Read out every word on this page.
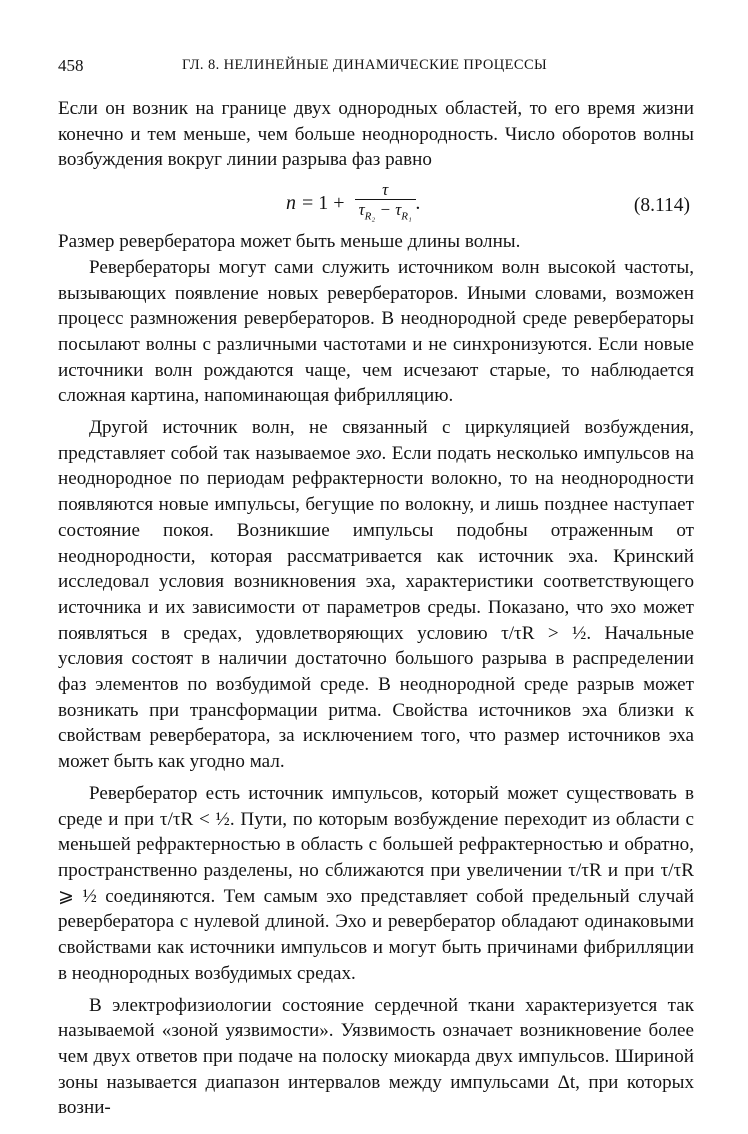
458	ГЛ. 8. НЕЛИНЕЙНЫЕ ДИНАМИЧЕСКИЕ ПРОЦЕССЫ

Если он возник на границе двух однородных областей, то его время жизни конечно и тем меньше, чем больше неоднородность. Число оборотов волны возбуждения вокруг линии разрыва фаз равно

$n = 1 + \frac{\tau}{\tau_{R_2} - \tau_{R_1}}$ .	(8.114)

Размер ревербератора может быть меньше длины волны.

Ревербераторы могут сами служить источником волн высокой частоты, вызывающих появление новых ревербераторов. Иными словами, возможен процесс размножения ревербераторов. В неоднородной среде ревербераторы посылают волны с различными частотами и не синхронизуются. Если новые источники волн рождаются чаще, чем исчезают старые, то наблюдается сложная картина, напоминающая фибрилляцию.

Другой источник волн, не связанный с циркуляцией возбуждения, представляет собой так называемое эхо. Если подать несколько импульсов на неоднородное по периодам рефрактерности волокно, то на неоднородности появляются новые импульсы, бегущие по волокну, и лишь позднее наступает состояние покоя. Возникшие импульсы подобны отраженным от неоднородности, которая рассматривается как источник эха. Кринский исследовал условия возникновения эха, характеристики соответствующего источника и их зависимости от параметров среды. Показано, что эхо может появляться в средах, удовлетворяющих условию τ/τR > ½. Начальные условия состоят в наличии достаточно большого разрыва в распределении фаз элементов по возбудимой среде. В неоднородной среде разрыв может возникать при трансформации ритма. Свойства источников эха близки к свойствам ревербератора, за исключением того, что размер источников эха может быть как угодно мал.

Ревербератор есть источник импульсов, который может существовать в среде и при τ/τR < ½. Пути, по которым возбуждение переходит из области с меньшей рефрактерностью в область с большей рефрактерностью и обратно, пространственно разделены, но сближаются при увеличении τ/τR и при τ/τR ⩾ ½ соединяются. Тем самым эхо представляет собой предельный случай ревербератора с нулевой длиной. Эхо и ревербератор обладают одинаковыми свойствами как источники импульсов и могут быть причинами фибрилляции в неоднородных возбудимых средах.

В электрофизиологии состояние сердечной ткани характеризуется так называемой «зоной уязвимости». Уязвимость означает возникновение более чем двух ответов при подаче на полоску миокарда двух импульсов. Шириной зоны называется диапазон интервалов между импульсами Δt, при которых возни-
